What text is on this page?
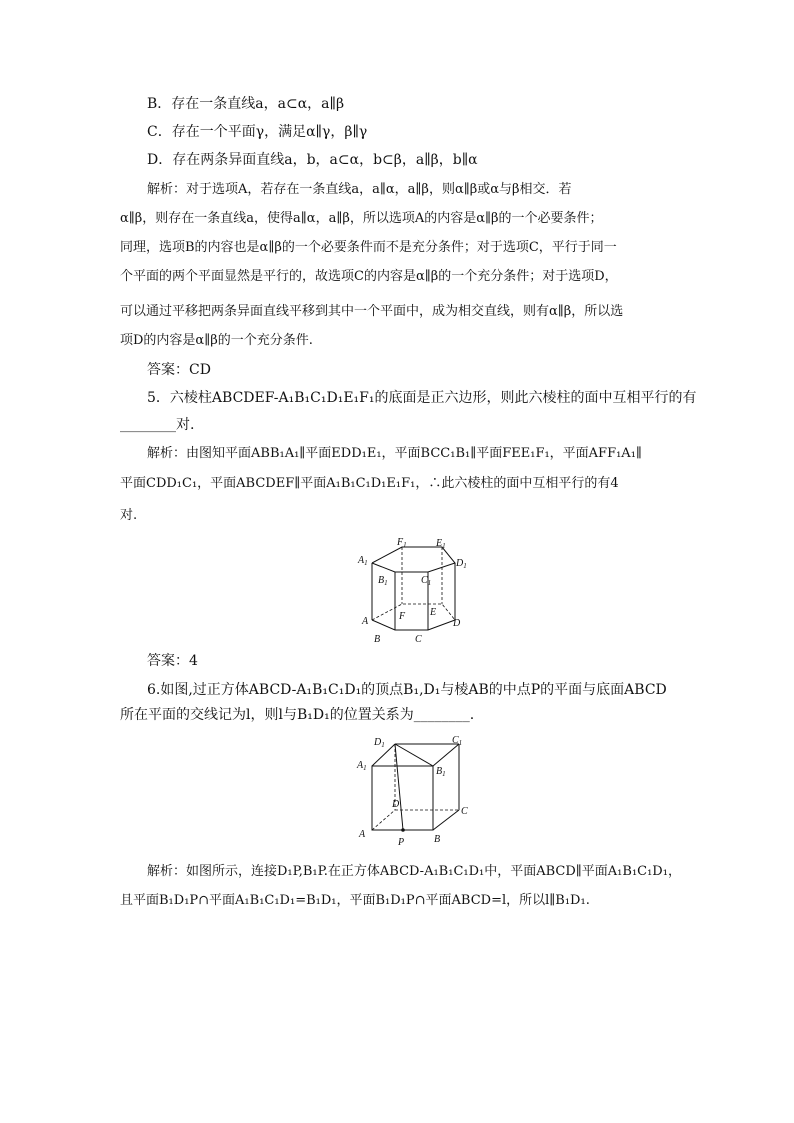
B．存在一条直线a，a⊂α，a∥β
C．存在一个平面γ，满足α∥γ，β∥γ
D．存在两条异面直线a，b，a⊂α，b⊂β，a∥β，b∥α
解析：对于选项A，若存在一条直线a，a∥α，a∥β，则α∥β或α与β相交．若
α∥β，则存在一条直线a，使得a∥α，a∥β，所以选项A的内容是α∥β的一个必要条件；
同理，选项B的内容也是α∥β的一个必要条件而不是充分条件；对于选项C，平行于同一
个平面的两个平面显然是平行的，故选项C的内容是α∥β的一个充分条件；对于选项D，
可以通过平移把两条异面直线平移到其中一个平面中，成为相交直线，则有α∥β，所以选
项D的内容是α∥β的一个充分条件.
答案：CD
5．六棱柱ABCDEF-A₁B₁C₁D₁E₁F₁的底面是正六边形，则此六棱柱的面中互相平行的有
________对.
解析：由图知平面ABB₁A₁∥平面EDD₁E₁，平面BCC₁B₁∥平面FEE₁F₁，平面AFF₁A₁∥
平面CDD₁C₁，平面ABCDEF∥平面A₁B₁C₁D₁E₁F₁，∴此六棱柱的面中互相平行的有4
对.
$F_1$	$E_1$
$A_1$	$D_1$
$B_1$	$C_1$
E
F
A	D
B	C
答案：4
6.如图,过正方体ABCD-A₁B₁C₁D₁的顶点B₁,D₁与棱AB的中点P的平面与底面ABCD
所在平面的交线记为l，则l与B₁D₁的位置关系为________.
$D_1$	$C_1$
$A_1$	$B_1$
D
C
A
P	B
解析：如图所示，连接D₁P,B₁P.在正方体ABCD-A₁B₁C₁D₁中，平面ABCD∥平面A₁B₁C₁D₁，
且平面B₁D₁P∩平面A₁B₁C₁D₁=B₁D₁，平面B₁D₁P∩平面ABCD=l，所以l∥B₁D₁.
